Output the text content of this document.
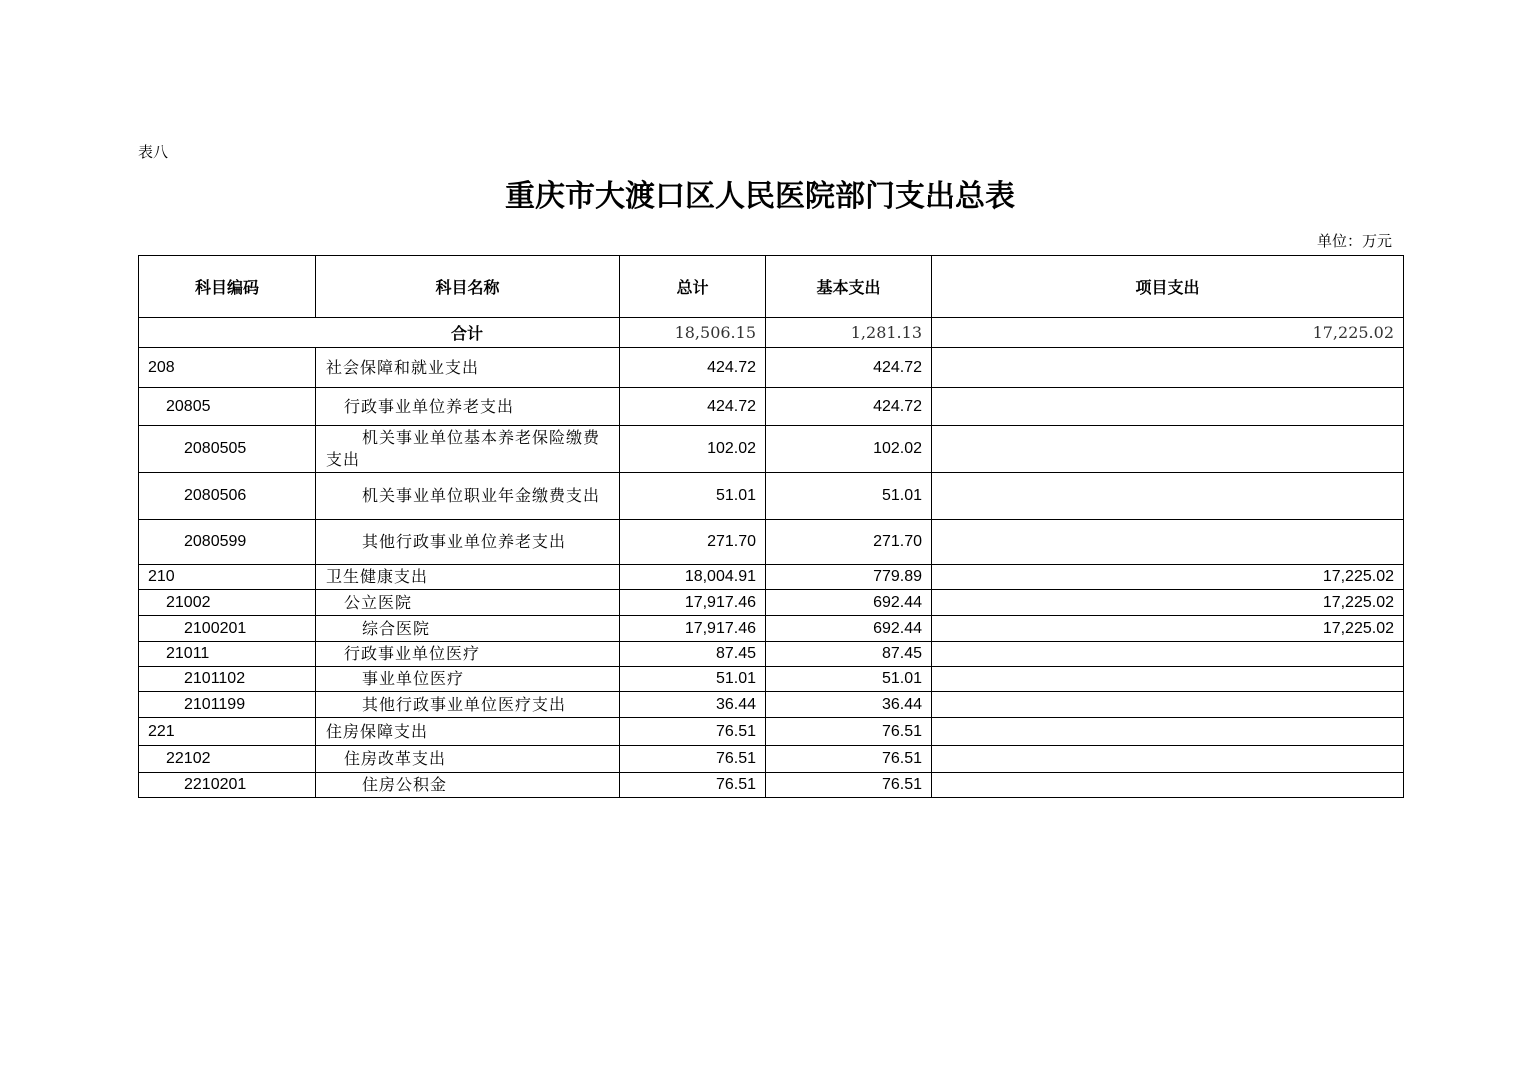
表八
重庆市大渡口区人民医院部门支出总表
单位：万元
科目编码	科目名称	总计	基本支出	项目支出
合计		18,506.15	1,281.13	17,225.02
208	社会保障和就业支出	424.72	424.72	
20805	行政事业单位养老支出	424.72	424.72	
2080505	机关事业单位基本养老保险缴费支出	102.02	102.02	
2080506	机关事业单位职业年金缴费支出	51.01	51.01	
2080599	其他行政事业单位养老支出	271.70	271.70	
210	卫生健康支出	18,004.91	779.89	17,225.02
21002	公立医院	17,917.46	692.44	17,225.02
2100201	综合医院	17,917.46	692.44	17,225.02
21011	行政事业单位医疗	87.45	87.45	
2101102	事业单位医疗	51.01	51.01	
2101199	其他行政事业单位医疗支出	36.44	36.44	
221	住房保障支出	76.51	76.51	
22102	住房改革支出	76.51	76.51	
2210201	住房公积金	76.51	76.51	
